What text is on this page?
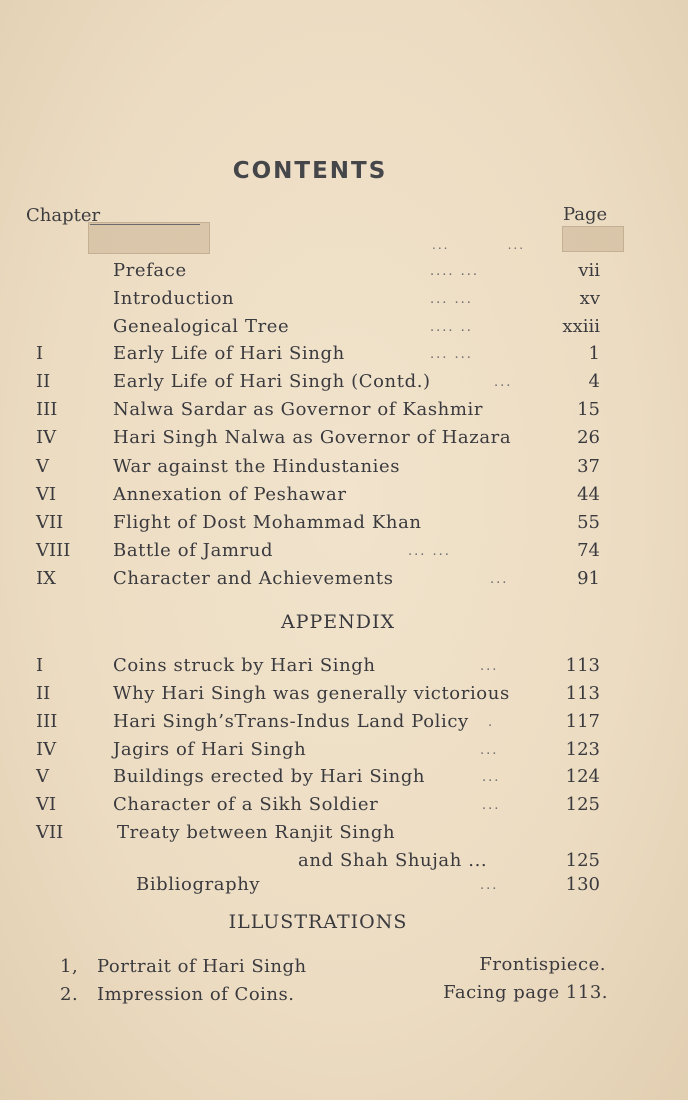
CONTENTS
Chapter	Page
...          ...
Preface	.... ...	vii
Introduction	... ...	xv
Genealogical Tree	.... ..	xxiii
I	Early Life of Hari Singh	... ...	1
II	Early Life of Hari Singh (Contd.)	...	4
III	Nalwa Sardar as Governor of Kashmir	15
IV	Hari Singh Nalwa as Governor of Hazara	26
V	War against the Hindustanies	37
VI	Annexation of Peshawar	44
VII	Flight of Dost Mohammad Khan	55
VIII Battle of Jamrud	... ...	74
IX	Character and Achievements	...	91
APPENDIX
I	Coins struck by Hari Singh	...	113
II	Why Hari Singh was generally victorious	113
III	Hari Singh’sTrans-Indus Land Policy .	117
IV	Jagirs of Hari Singh	...	123
V	Buildings erected by Hari Singh	...	124
VI	Character of a Sikh Soldier	...	125
VII	Treaty between Ranjit Singh
and Shah Shujah ...	125
Bibliography	...	130
ILLUSTRATIONS
1, Portrait of Hari Singh	Frontispiece.
2. Impression of Coins.	Facing page 113.
